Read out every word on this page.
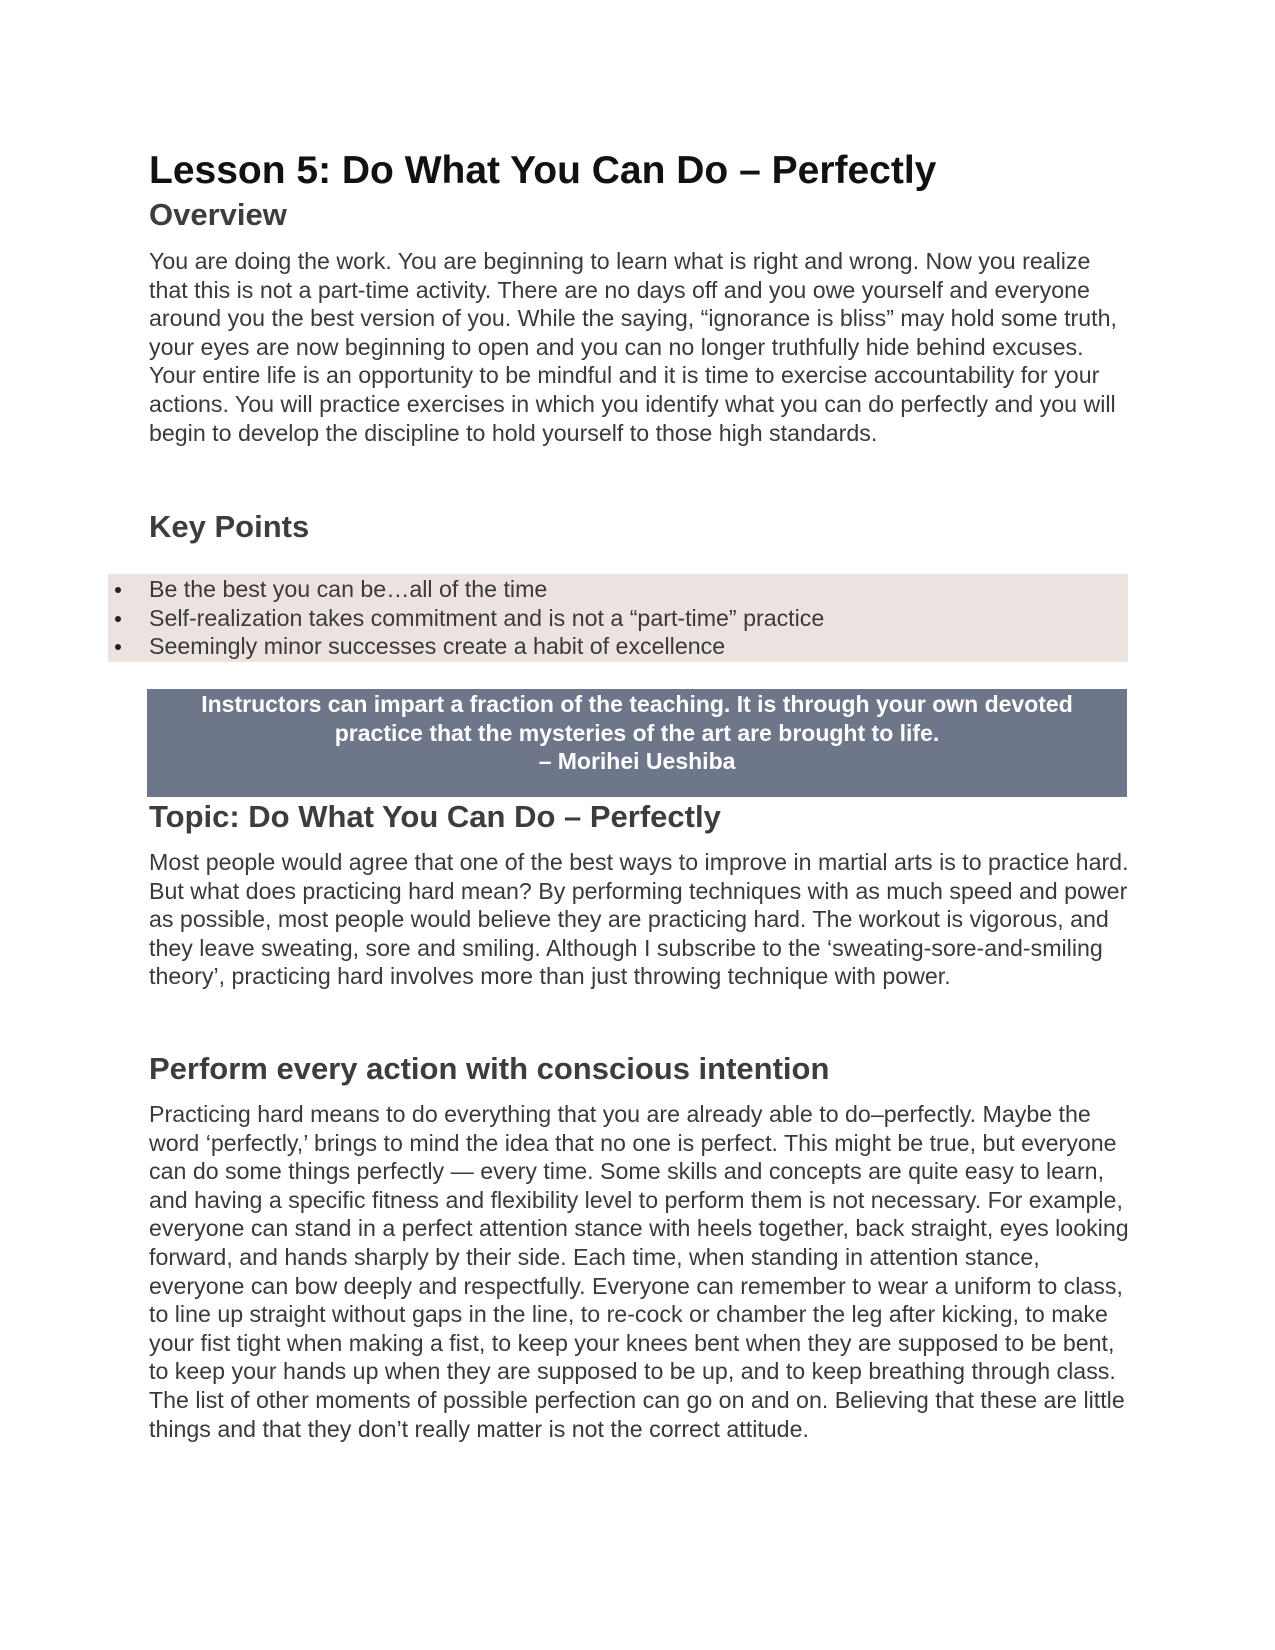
Lesson 5: Do What You Can Do – Perfectly
Overview

You are doing the work. You are beginning to learn what is right and wrong. Now you realize that this is not a part-time activity. There are no days off and you owe yourself and everyone around you the best version of you. While the saying, “ignorance is bliss” may hold some truth, your eyes are now beginning to open and you can no longer truthfully hide behind excuses. Your entire life is an opportunity to be mindful and it is time to exercise accountability for your actions. You will practice exercises in which you identify what you can do perfectly and you will begin to develop the discipline to hold yourself to those high standards.

Key Points
Be the best you can be…all of the time
Self-realization takes commitment and is not a “part-time” practice
Seemingly minor successes create a habit of excellence

Instructors can impart a fraction of the teaching. It is through your own devoted

practice that the mysteries of the art are brought to life.

– Morihei Ueshiba

Topic: Do What You Can Do – Perfectly

Most people would agree that one of the best ways to improve in martial arts is to practice hard. But what does practicing hard mean? By performing techniques with as much speed and power as possible, most people would believe they are practicing hard. The workout is vigorous, and they leave sweating, sore and smiling. Although I subscribe to the ‘sweating-sore-and-smiling theory’, practicing hard involves more than just throwing technique with power.

Perform every action with conscious intention

Practicing hard means to do everything that you are already able to do–perfectly. Maybe the word ‘perfectly,’ brings to mind the idea that no one is perfect. This might be true, but everyone can do some things perfectly — every time. Some skills and concepts are quite easy to learn, and having a specific fitness and flexibility level to perform them is not necessary. For example, everyone can stand in a perfect attention stance with heels together, back straight, eyes looking forward, and hands sharply by their side. Each time, when standing in attention stance, everyone can bow deeply and respectfully. Everyone can remember to wear a uniform to class, to line up straight without gaps in the line, to re-cock or chamber the leg after kicking, to make your fist tight when making a fist, to keep your knees bent when they are supposed to be bent, to keep your hands up when they are supposed to be up, and to keep breathing through class. The list of other moments of possible perfection can go on and on. Believing that these are little things and that they don’t really matter is not the correct attitude.
